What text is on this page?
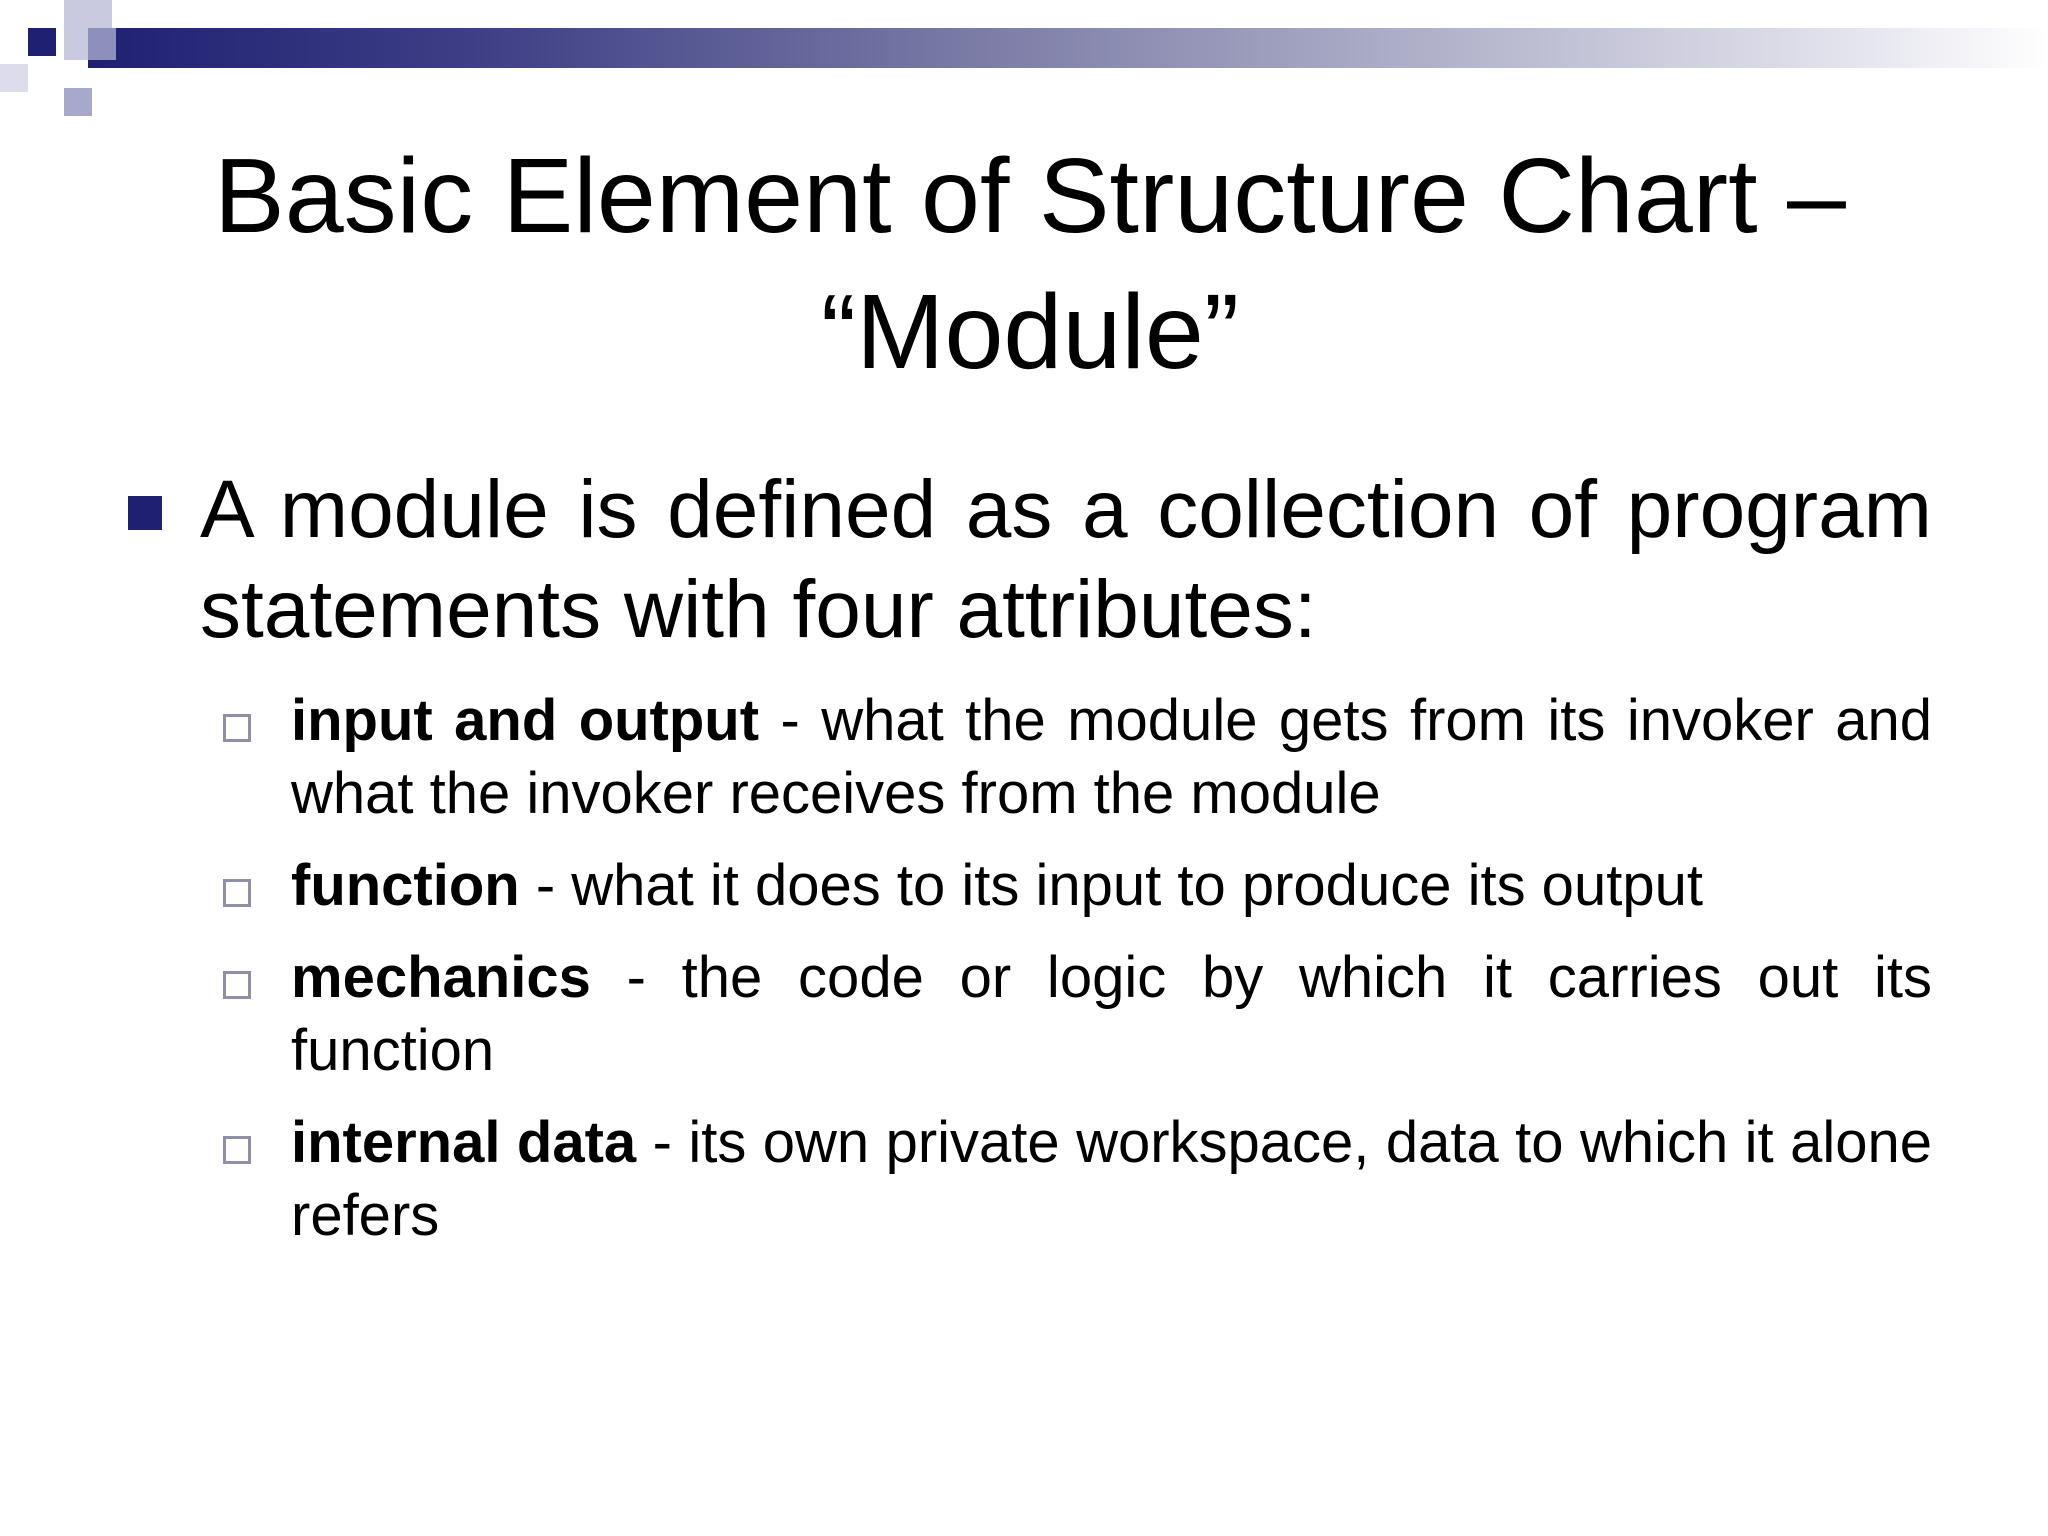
Basic Element of Structure Chart – “Module”
A module is defined as a collection of program statements with four attributes:
input and output - what the module gets from its invoker and what the invoker receives from the module
function - what it does to its input to produce its output
mechanics - the code or logic by which it carries out its function
internal data - its own private workspace, data to which it alone refers
